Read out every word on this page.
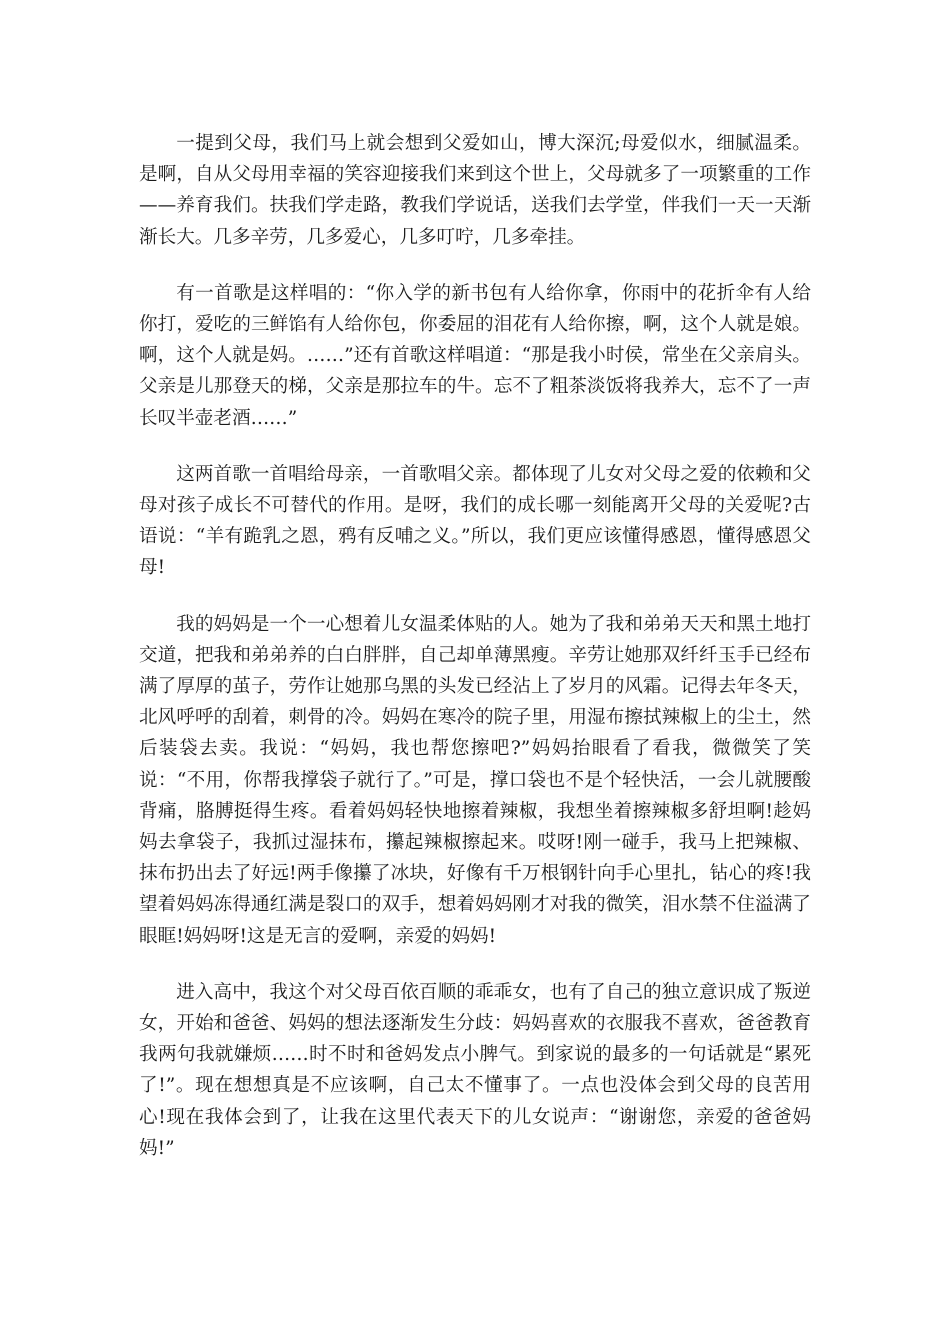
一提到父母，我们马上就会想到父爱如山，博大深沉;母爱似水，细腻温柔。是啊，自从父母用幸福的笑容迎接我们来到这个世上，父母就多了一项繁重的工作——养育我们。扶我们学走路，教我们学说话，送我们去学堂，伴我们一天一天渐渐长大。几多辛劳，几多爱心，几多叮咛，几多牵挂。

有一首歌是这样唱的：“你入学的新书包有人给你拿，你雨中的花折伞有人给你打，爱吃的三鲜馅有人给你包，你委屈的泪花有人给你擦，啊，这个人就是娘。啊，这个人就是妈。……”还有首歌这样唱道：“那是我小时侯，常坐在父亲肩头。父亲是儿那登天的梯，父亲是那拉车的牛。忘不了粗茶淡饭将我养大，忘不了一声长叹半壶老酒……”

这两首歌一首唱给母亲，一首歌唱父亲。都体现了儿女对父母之爱的依赖和父母对孩子成长不可替代的作用。是呀，我们的成长哪一刻能离开父母的关爱呢?古语说：“羊有跪乳之恩，鸦有反哺之义。”所以，我们更应该懂得感恩，懂得感恩父母!

我的妈妈是一个一心想着儿女温柔体贴的人。她为了我和弟弟天天和黑土地打交道，把我和弟弟养的白白胖胖，自己却单薄黑瘦。辛劳让她那双纤纤玉手已经布满了厚厚的茧子，劳作让她那乌黑的头发已经沾上了岁月的风霜。记得去年冬天，北风呼呼的刮着，刺骨的冷。妈妈在寒冷的院子里，用湿布擦拭辣椒上的尘土，然后装袋去卖。我说：“妈妈，我也帮您擦吧?”妈妈抬眼看了看我，微微笑了笑说：“不用，你帮我撑袋子就行了。”可是，撑口袋也不是个轻快活，一会儿就腰酸背痛，胳膊挺得生疼。看着妈妈轻快地擦着辣椒，我想坐着擦辣椒多舒坦啊!趁妈妈去拿袋子，我抓过湿抹布，攥起辣椒擦起来。哎呀!刚一碰手，我马上把辣椒、抹布扔出去了好远!两手像攥了冰块，好像有千万根钢针向手心里扎，钻心的疼!我望着妈妈冻得通红满是裂口的双手，想着妈妈刚才对我的微笑，泪水禁不住溢满了眼眶!妈妈呀!这是无言的爱啊，亲爱的妈妈!

进入高中，我这个对父母百依百顺的乖乖女，也有了自己的独立意识成了叛逆女，开始和爸爸、妈妈的想法逐渐发生分歧：妈妈喜欢的衣服我不喜欢，爸爸教育我两句我就嫌烦……时不时和爸妈发点小脾气。到家说的最多的一句话就是“累死了!”。现在想想真是不应该啊，自己太不懂事了。一点也没体会到父母的良苦用心!现在我体会到了，让我在这里代表天下的儿女说声：“谢谢您，亲爱的爸爸妈妈!”
